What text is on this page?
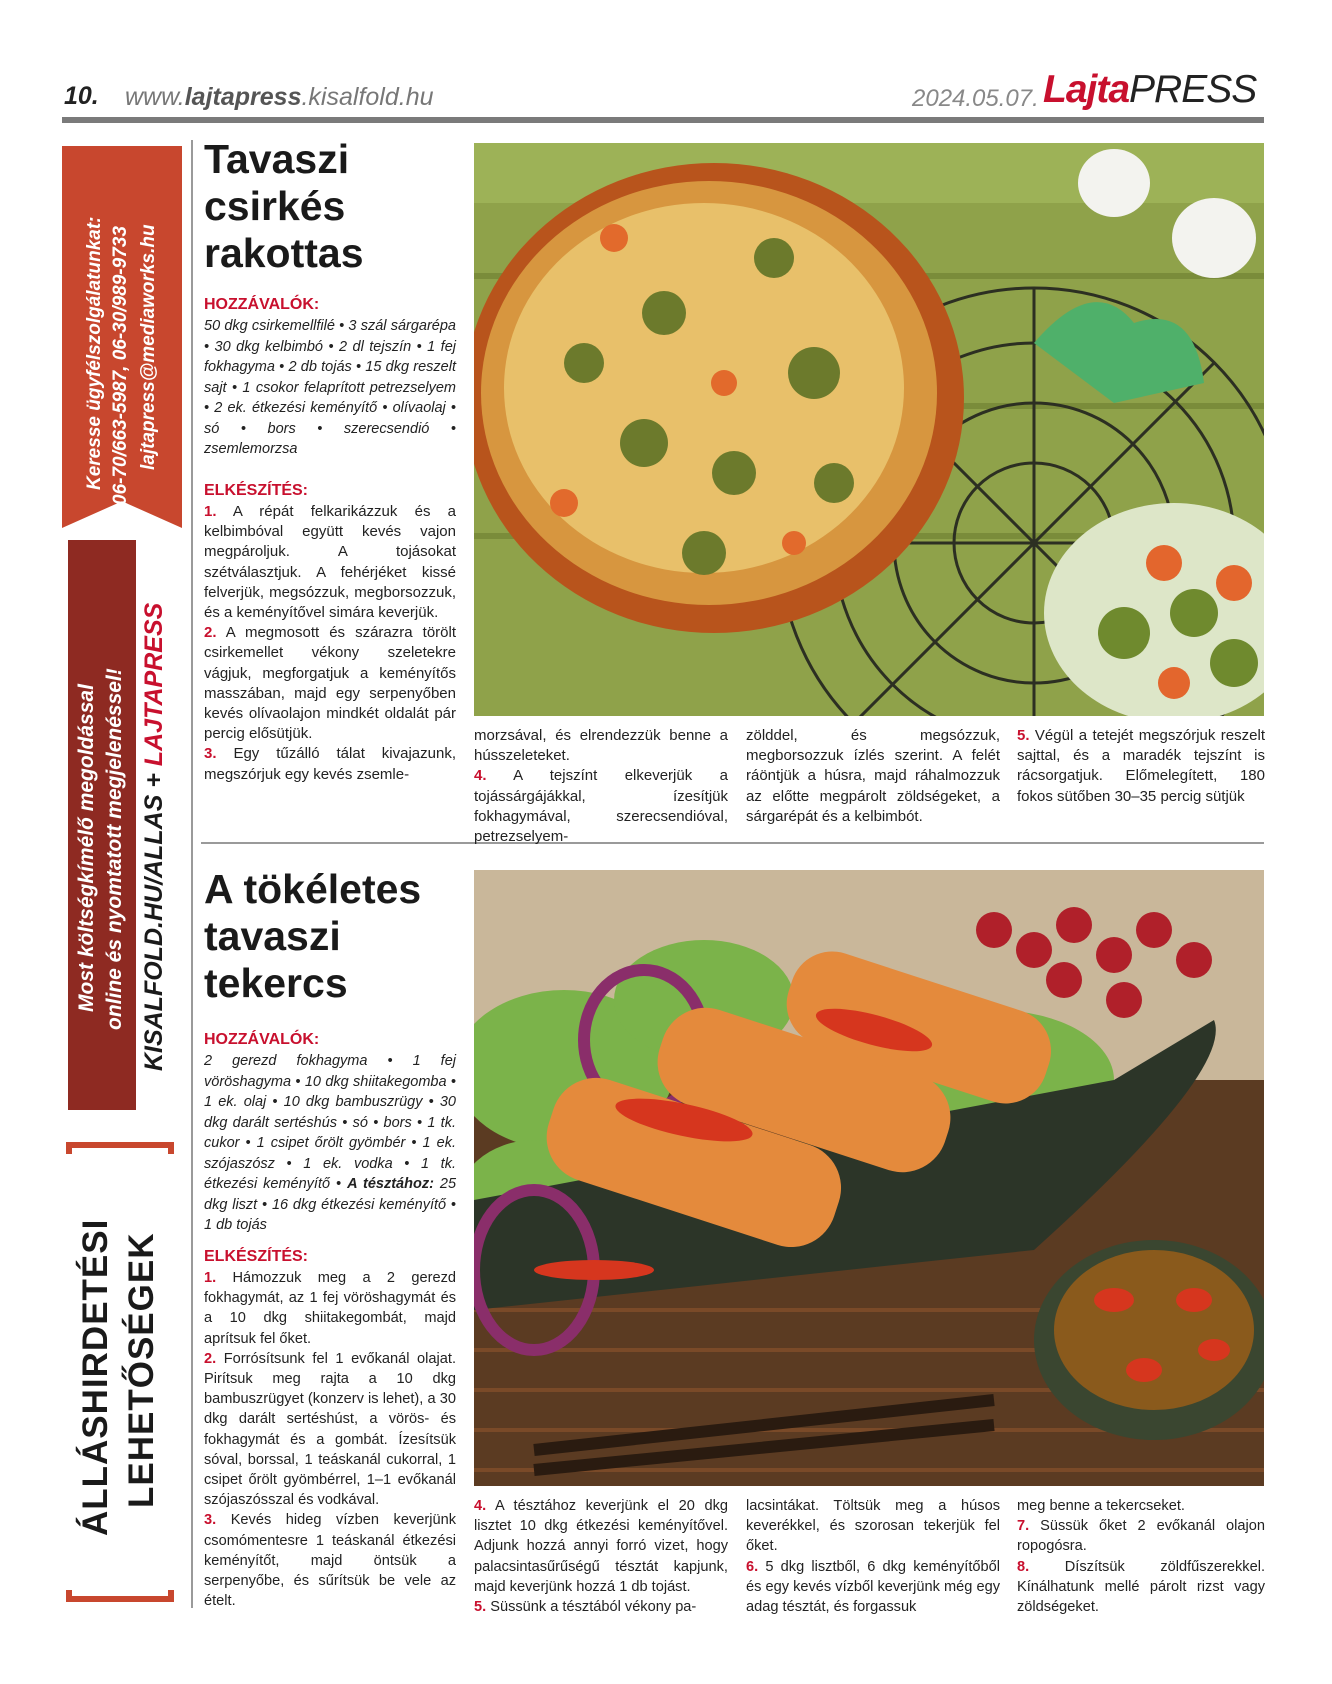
10. www.lajtapress.kisalfold.hu	2024.05.07. LajtaPRESS
Keresse ügyfélszolgálatunkat: 06-70/663-5987, 06-30/989-9733 lajtapress@mediaworks.hu
Most költségkímélő megoldással online és nyomtatott megjelenéssel! KISALFOLD.HU/ALLAS + LAJTAPRESS
ÁLLÁSHIRDETÉSI LEHETŐSÉGEK
Tavaszi
csirkés
rakottas
HOZZÁVALÓK:
50 dkg csirkemellfilé • 3 szál sárgarépa • 30 dkg kelbimbó • 2 dl tejszín • 1 fej fokhagyma • 2 db tojás • 15 dkg reszelt sajt • 1 csokor felaprított petrezselyem • 2 ek. étkezési keményítő • olívaolaj • só • bors • szerecsendió • zsemlemorzsa
ELKÉSZÍTÉS:

1. A répát felkarikázzuk és a kelbimbóval együtt kevés vajon megpároljuk. A tojásokat szétválasztjuk. A fehérjéket kissé felverjük, megsózzuk, megborsozzuk, és a keményítővel simára keverjük.

2. A megmosott és szárazra törölt csirkemellet vékony szeletekre vágjuk, megforgatjuk a keményítős masszában, majd egy serpenyőben kevés olívaolajon mindkét oldalát pár percig elősütjük.

3. Egy tűzálló tálat kivajazunk, megszórjuk egy kevés zsemle-

morzsával, és elrendezzük benne a hússzeleteket.

4. A tejszínt elkeverjük a tojássárgájákkal, ízesítjük fokhagymával, szerecsendióval, petrezselyem-

zölddel, és megsózzuk, megborsozzuk ízlés szerint. A felét ráöntjük a húsra, majd ráhalmozzuk az előtte megpárolt zöldségeket, a sárgarépát és a kelbimbót.

5. Végül a tetejét megszórjuk reszelt sajttal, és a maradék tejszínt is rácsorgatjuk. Előmelegített, 180 fokos sütőben 30–35 percig sütjük

A tökéletes
tavaszi
tekercs
HOZZÁVALÓK:
2 gerezd fokhagyma • 1 fej vöröshagyma • 10 dkg shiitakegomba • 1 ek. olaj • 10 dkg bambuszrügy • 30 dkg darált sertéshús • só • bors • 1 tk. cukor • 1 csipet őrölt gyömbér • 1 ek. szójaszósz • 1 ek. vodka • 1 tk. étkezési keményítő • A tésztához: 25 dkg liszt • 16 dkg étkezési keményítő • 1 db tojás
ELKÉSZÍTÉS:

1. Hámozzuk meg a 2 gerezd fokhagymát, az 1 fej vöröshagymát és a 10 dkg shiitakegombát, majd aprítsuk fel őket.

2. Forrósítsunk fel 1 evőkanál olajat. Pirítsuk meg rajta a 10 dkg bambuszrügyet (konzerv is lehet), a 30 dkg darált sertéshúst, a vörös- és fokhagymát és a gombát. Ízesítsük sóval, borssal, 1 teáskanál cukorral, 1 csipet őrölt gyömbérrel, 1–1 evőkanál szójaszósszal és vodkával.

3. Kevés hideg vízben keverjünk csomómentesre 1 teáskanál étkezési keményítőt, majd öntsük a serpenyőbe, és sűrítsük be vele az ételt.

4. A tésztához keverjünk el 20 dkg lisztet 10 dkg étkezési keményítővel. Adjunk hozzá annyi forró vizet, hogy palacsintasűrűségű tésztát kapjunk, majd keverjünk hozzá 1 db tojást.

5. Süssünk a tésztából vékony pa-

lacsintákat. Töltsük meg a húsos keverékkel, és szorosan tekerjük fel őket.

6. 5 dkg lisztből, 6 dkg keményítőből és egy kevés vízből keverjünk még egy adag tésztát, és forgassuk

meg benne a tekercseket.

7. Süssük őket 2 evőkanál olajon ropogósra.

8. Díszítsük zöldfűszerekkel. Kínálhatunk mellé párolt rizst vagy zöldségeket.
